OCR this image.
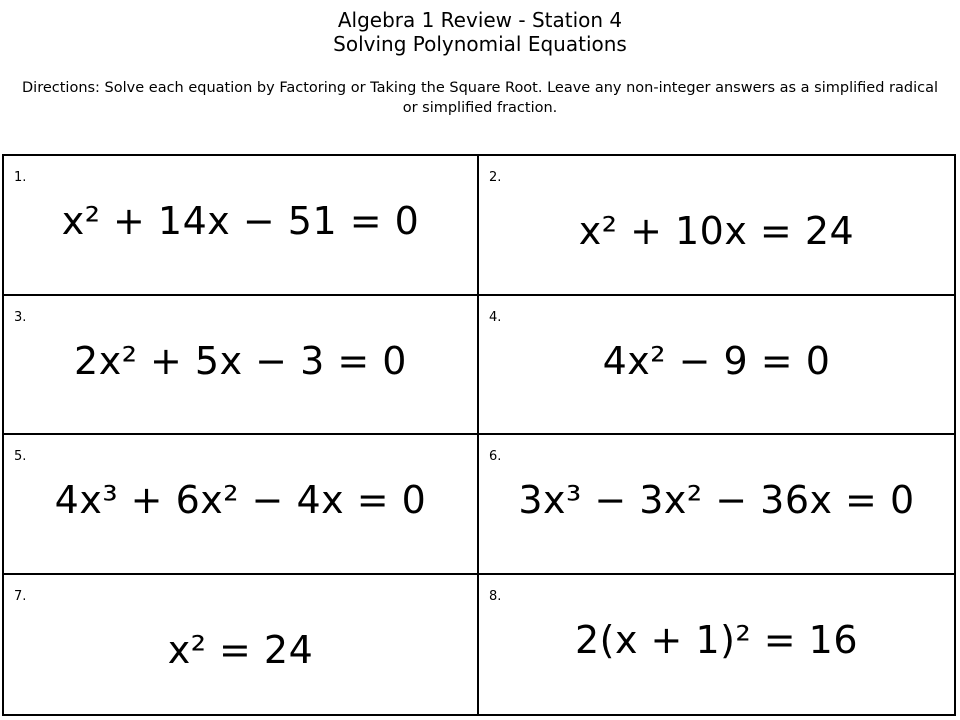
Algebra 1 Review - Station 4
Solving Polynomial Equations
Directions: Solve each equation by Factoring or Taking the Square Root. Leave any non-integer answers as a simplified radical or simplified fraction.
1.
x² + 14x − 51 = 0
2.
x² + 10x = 24
3.
2x² + 5x − 3 = 0
4.
4x² − 9 = 0
5.
4x³ + 6x² − 4x = 0
6.
3x³ − 3x² − 36x = 0
7.
x² = 24
8.
2(x + 1)² = 16
